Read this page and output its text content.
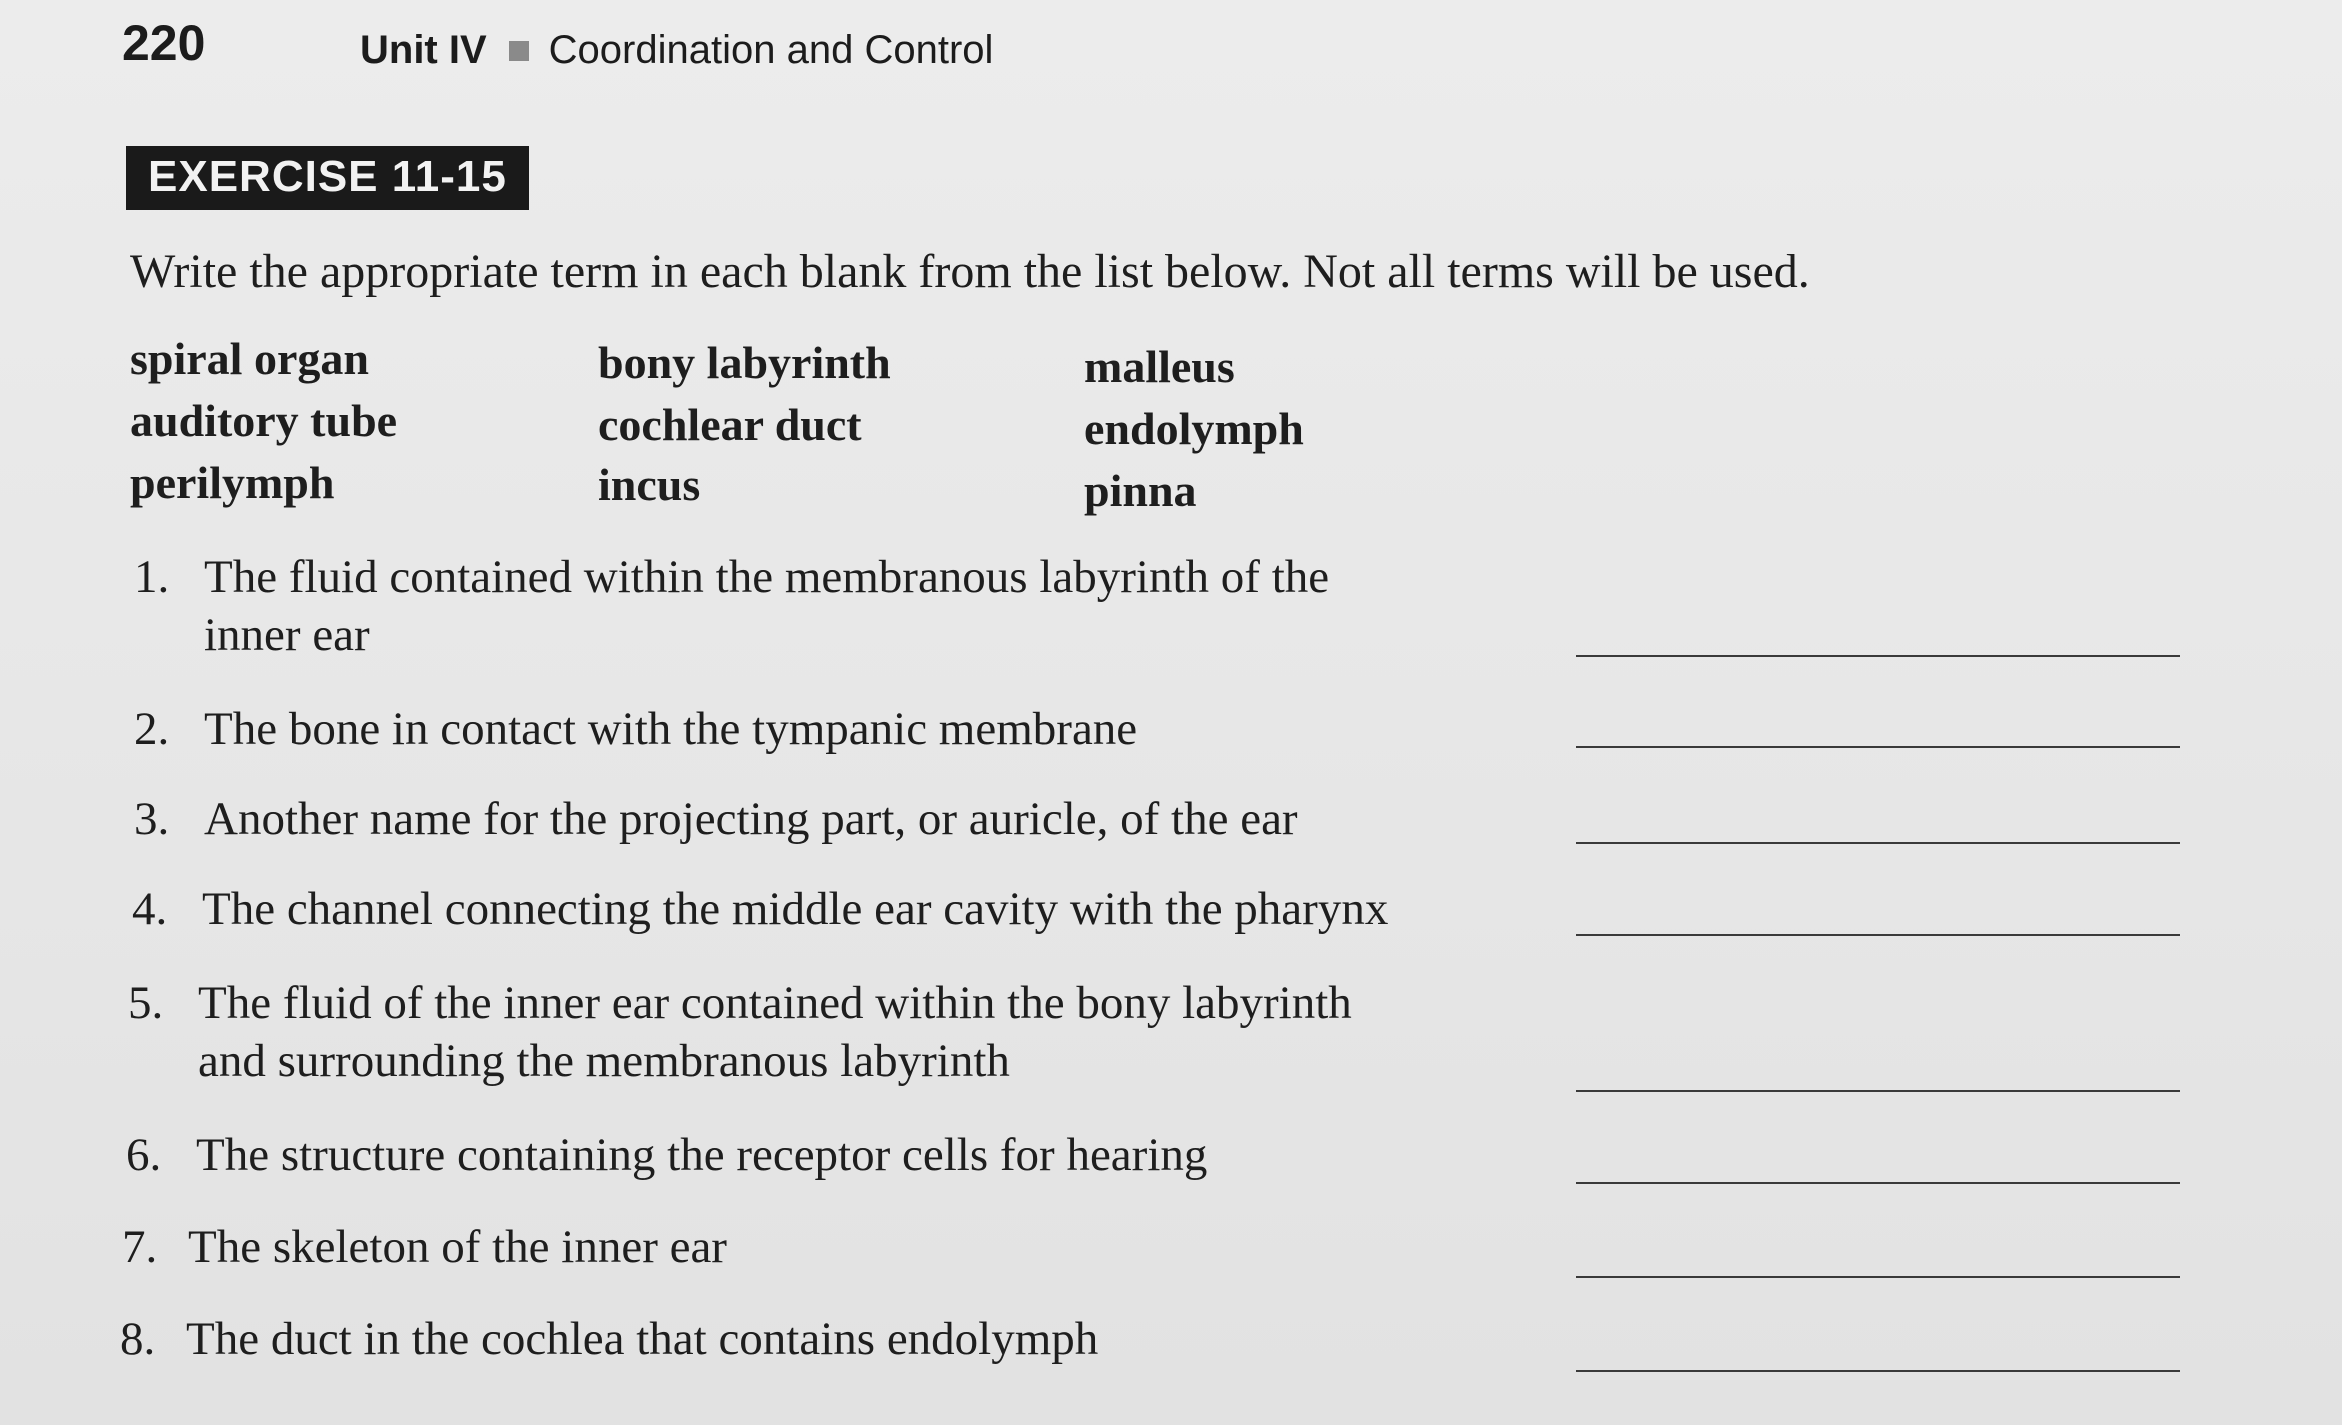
220	Unit IV Coordination and Control
EXERCISE 11-15
Write the appropriate term in each blank from the list below. Not all terms will be used.
spiral organ
auditory tube
perilymph
bony labyrinth
cochlear duct
incus
malleus
endolymph
pinna
1. The fluid contained within the membranous labyrinth of the
inner ear
2. The bone in contact with the tympanic membrane
3. Another name for the projecting part, or auricle, of the ear
4. The channel connecting the middle ear cavity with the pharynx
5. The fluid of the inner ear contained within the bony labyrinth
and surrounding the membranous labyrinth
6. The structure containing the receptor cells for hearing
7. The skeleton of the inner ear
8. The duct in the cochlea that contains endolymph
